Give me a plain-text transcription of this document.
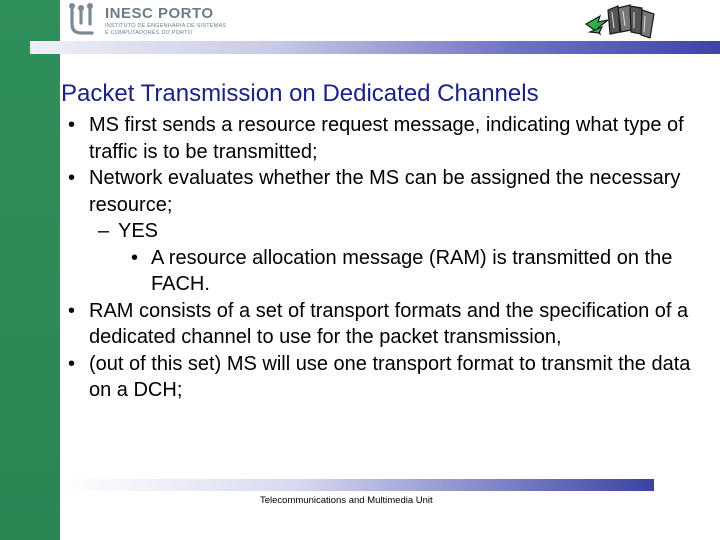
INESC PORTO
INSTITUTO DE ENGENHARIA DE SISTEMAS
E COMPUTADORES DO PORTO
Packet Transmission on Dedicated Channels
• MS first sends a resource request message, indicating what type of traffic is to be transmitted;
• Network evaluates whether the MS can be assigned the necessary resource;
– YES
• A resource allocation message (RAM) is transmitted on the FACH.
• RAM consists of a set of transport formats and the specification of a dedicated channel to use for the packet transmission,
• (out of this set) MS will use one transport format to transmit the data on a DCH;
Telecommunications and Multimedia Unit
